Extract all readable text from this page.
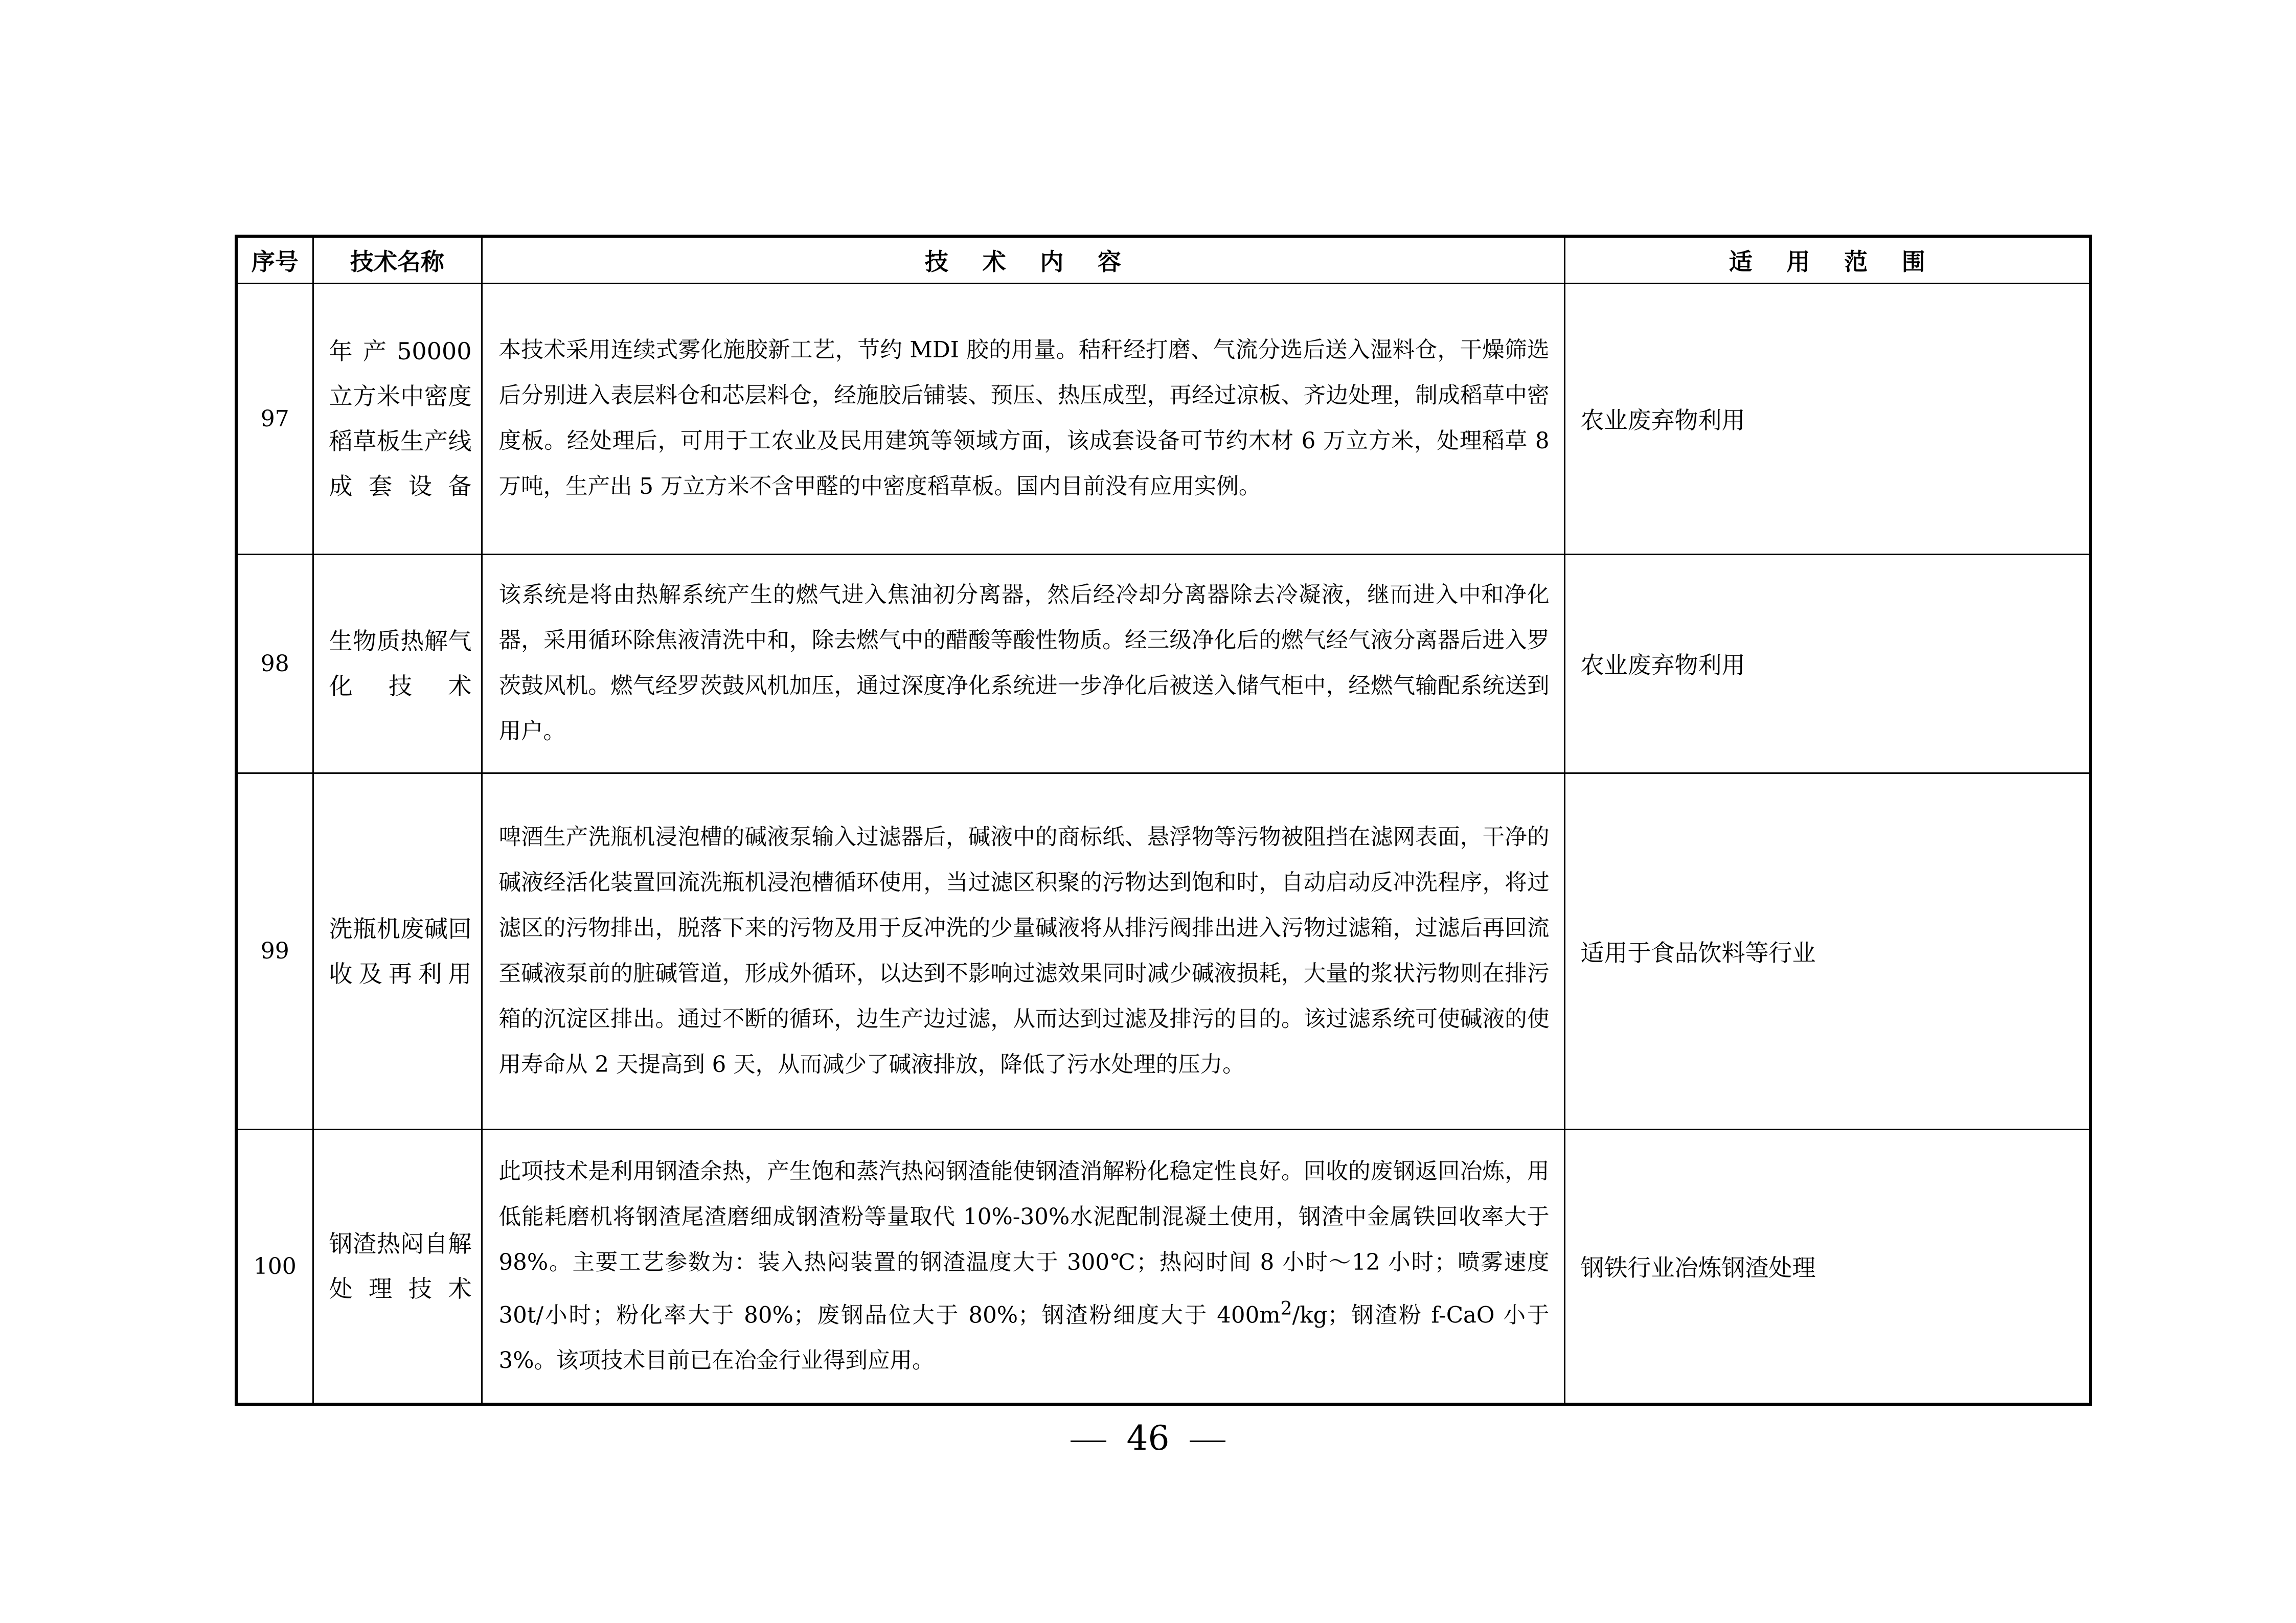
序号	技术名称	技术内容	适用范围
97	年产50000立方米中密度稻草板生产线成套设备	本技术采用连续式雾化施胶新工艺，节约 MDI 胶的用量。秸秆经打磨、气流分选后送入湿料仓，干燥筛选后分别进入表层料仓和芯层料仓，经施胶后铺装、预压、热压成型，再经过凉板、齐边处理，制成稻草中密度板。经处理后，可用于工农业及民用建筑等领域方面，该成套设备可节约木材 6 万立方米，处理稻草 8 万吨，生产出 5 万立方米不含甲醛的中密度稻草板。国内目前没有应用实例。	农业废弃物利用
98	生物质热解气化技术	该系统是将由热解系统产生的燃气进入焦油初分离器，然后经冷却分离器除去冷凝液，继而进入中和净化器，采用循环除焦液清洗中和，除去燃气中的醋酸等酸性物质。经三级净化后的燃气经气液分离器后进入罗茨鼓风机。燃气经罗茨鼓风机加压，通过深度净化系统进一步净化后被送入储气柜中，经燃气输配系统送到用户。	农业废弃物利用
99	洗瓶机废碱回收及再利用	啤酒生产洗瓶机浸泡槽的碱液泵输入过滤器后，碱液中的商标纸、悬浮物等污物被阻挡在滤网表面，干净的碱液经活化装置回流洗瓶机浸泡槽循环使用，当过滤区积聚的污物达到饱和时，自动启动反冲洗程序，将过滤区的污物排出，脱落下来的污物及用于反冲洗的少量碱液将从排污阀排出进入污物过滤箱，过滤后再回流至碱液泵前的脏碱管道，形成外循环，以达到不影响过滤效果同时减少碱液损耗，大量的浆状污物则在排污箱的沉淀区排出。通过不断的循环，边生产边过滤，从而达到过滤及排污的目的。该过滤系统可使碱液的使用寿命从 2 天提高到 6 天，从而减少了碱液排放，降低了污水处理的压力。	适用于食品饮料等行业
100	钢渣热闷自解处理技术	此项技术是利用钢渣余热，产生饱和蒸汽热闷钢渣能使钢渣消解粉化稳定性良好。回收的废钢返回冶炼，用低能耗磨机将钢渣尾渣磨细成钢渣粉等量取代 10%-30%水泥配制混凝土使用，钢渣中金属铁回收率大于 98%。主要工艺参数为：装入热闷装置的钢渣温度大于 300℃；热闷时间 8 小时～12 小时；喷雾速度 30t/小时；粉化率大于 80%；废钢品位大于 80%；钢渣粉细度大于 $400m^2/kg$；钢渣粉 f-CaO 小于 3%。该项技术目前已在冶金行业得到应用。	钢铁行业冶炼钢渣处理
46
